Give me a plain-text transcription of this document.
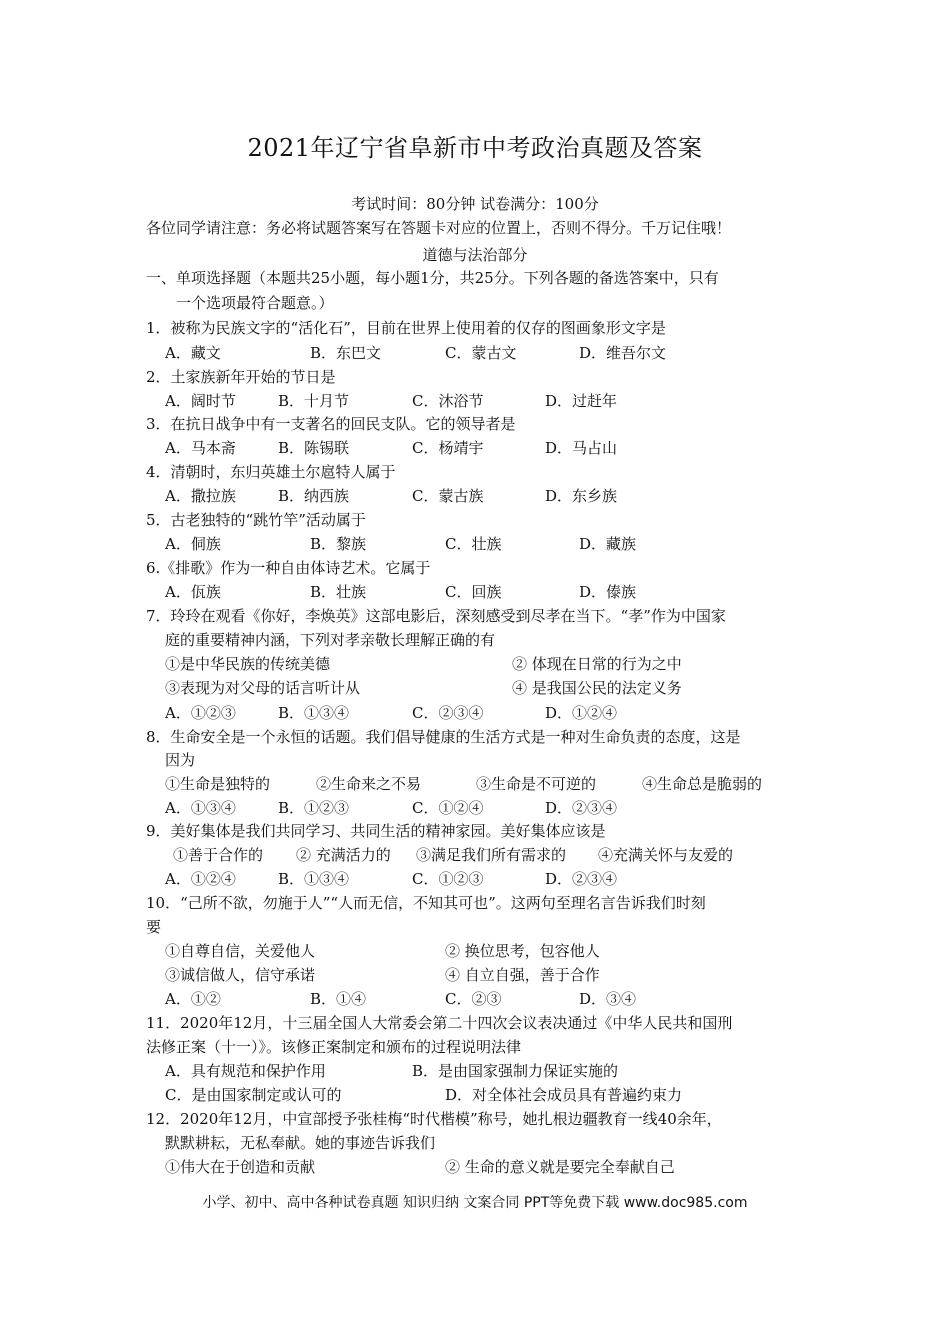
2021年辽宁省阜新市中考政治真题及答案
考试时间：80分钟 试卷满分：100分
各位同学请注意：务必将试题答案写在答题卡对应的位置上，否则不得分。千万记住哦！
道德与法治部分
一、单项选择题（本题共25小题，每小题1分，共25分。下列各题的备选答案中，只有
一个选项最符合题意。）
1．被称为民族文字的“活化石”，目前在世界上使用着的仅存的图画象形文字是
A．藏文	B．东巴文	C．蒙古文	D．维吾尔文
2．土家族新年开始的节日是
A．阔时节	B．十月节	C．沐浴节	D．过赶年
3．在抗日战争中有一支著名的回民支队。它的领导者是
A．马本斋	B．陈锡联	C．杨靖宇	D．马占山
4．清朝时，东归英雄土尔扈特人属于
A．撒拉族	B．纳西族	C．蒙古族	D．东乡族
5．古老独特的“跳竹竿”活动属于
A．侗族	B．黎族	C．壮族	D．藏族
6.《排歌》作为一种自由体诗艺术。它属于
A．佤族	B．壮族	C．回族	D．傣族
7．玲玲在观看《你好，李焕英》这部电影后，深刻感受到尽孝在当下。“孝”作为中国家
庭的重要精神内涵，下列对孝亲敬长理解正确的有
①是中华民族的传统美德	② 体现在日常的行为之中
③表现为对父母的话言听计从	④ 是我国公民的法定义务
A．①②③	B．①③④	C．②③④	D．①②④
8．生命安全是一个永恒的话题。我们倡导健康的生活方式是一种对生命负责的态度，这是
因为
①生命是独特的	②生命来之不易	③生命是不可逆的	④生命总是脆弱的
A．①③④	B．①②③	C．①②④	D．②③④
9．美好集体是我们共同学习、共同生活的精神家园。美好集体应该是
①善于合作的 ② 充满活力的 ③满足我们所有需求的 ④充满关怀与友爱的
A．①②④	B．①③④	C．①②③	D．②③④
10．“己所不欲，勿施于人”“人而无信，不知其可也”。这两句至理名言告诉我们时刻
要
①自尊自信，关爱他人	② 换位思考，包容他人
③诚信做人，信守承诺	④ 自立自强，善于合作
A．①②	B．①④	C．②③	D．③④
11．2020年12月，十三届全国人大常委会第二十四次会议表决通过《中华人民共和国刑
法修正案（十一）》。该修正案制定和颁布的过程说明法律
A．具有规范和保护作用	B．是由国家强制力保证实施的
C．是由国家制定或认可的	D．对全体社会成员具有普遍约束力
12．2020年12月，中宣部授予张桂梅“时代楷模”称号，她扎根边疆教育一线40余年，
默默耕耘，无私奉献。她的事迹告诉我们
①伟大在于创造和贡献	② 生命的意义就是要完全奉献自己
小学、初中、高中各种试卷真题 知识归纳 文案合同 PPT等免费下载 www.doc985.com
